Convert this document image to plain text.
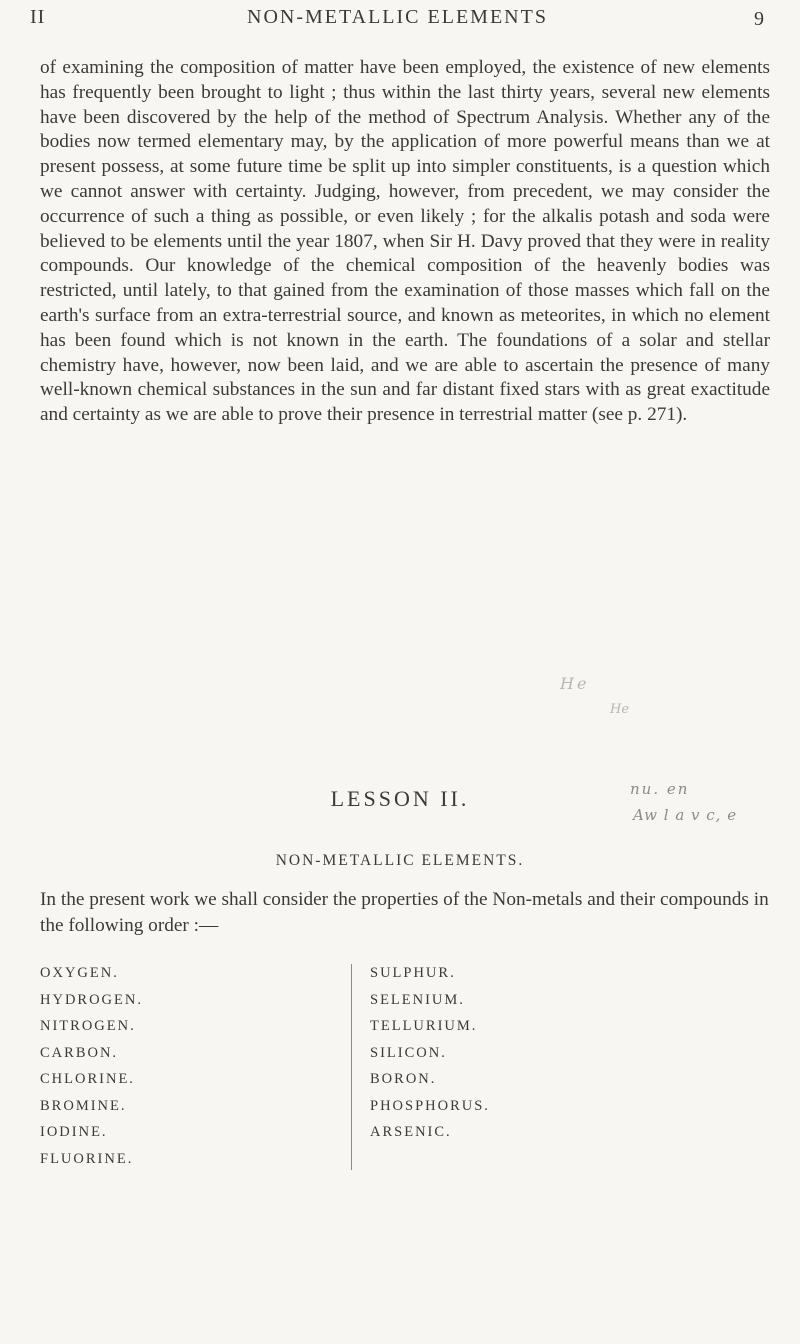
II	NON-METALLIC ELEMENTS	9

of examining the composition of matter have been employed, the existence of new elements has frequently been brought to light ; thus within the last thirty years, several new elements have been discovered by the help of the method of Spectrum Analysis. Whether any of the bodies now termed elementary may, by the application of more powerful means than we at present possess, at some future time be split up into simpler constituents, is a question which we cannot answer with certainty. Judging, however, from precedent, we may consider the occurrence of such a thing as possible, or even likely ; for the alkalis potash and soda were believed to be elements until the year 1807, when Sir H. Davy proved that they were in reality compounds. Our knowledge of the chemical composition of the heavenly bodies was restricted, until lately, to that gained from the examination of those masses which fall on the earth's surface from an extra-terrestrial source, and known as meteorites, in which no element has been found which is not known in the earth. The foundations of a solar and stellar chemistry have, however, now been laid, and we are able to ascertain the presence of many well-known chemical substances in the sun and far distant fixed stars with as great exactitude and certainty as we are able to prove their presence in terrestrial matter (see p. 271).

He
He
nu. en
Aw l a v c, e
LESSON II.
NON-METALLIC ELEMENTS.

In the present work we shall consider the properties of the Non-metals and their compounds in the following order :—

OXYGEN.
HYDROGEN.
NITROGEN.
CARBON.
CHLORINE.
BROMINE.
IODINE.
FLUORINE.
SULPHUR.
SELENIUM.
TELLURIUM.
SILICON.
BORON.
PHOSPHORUS.
ARSENIC.
